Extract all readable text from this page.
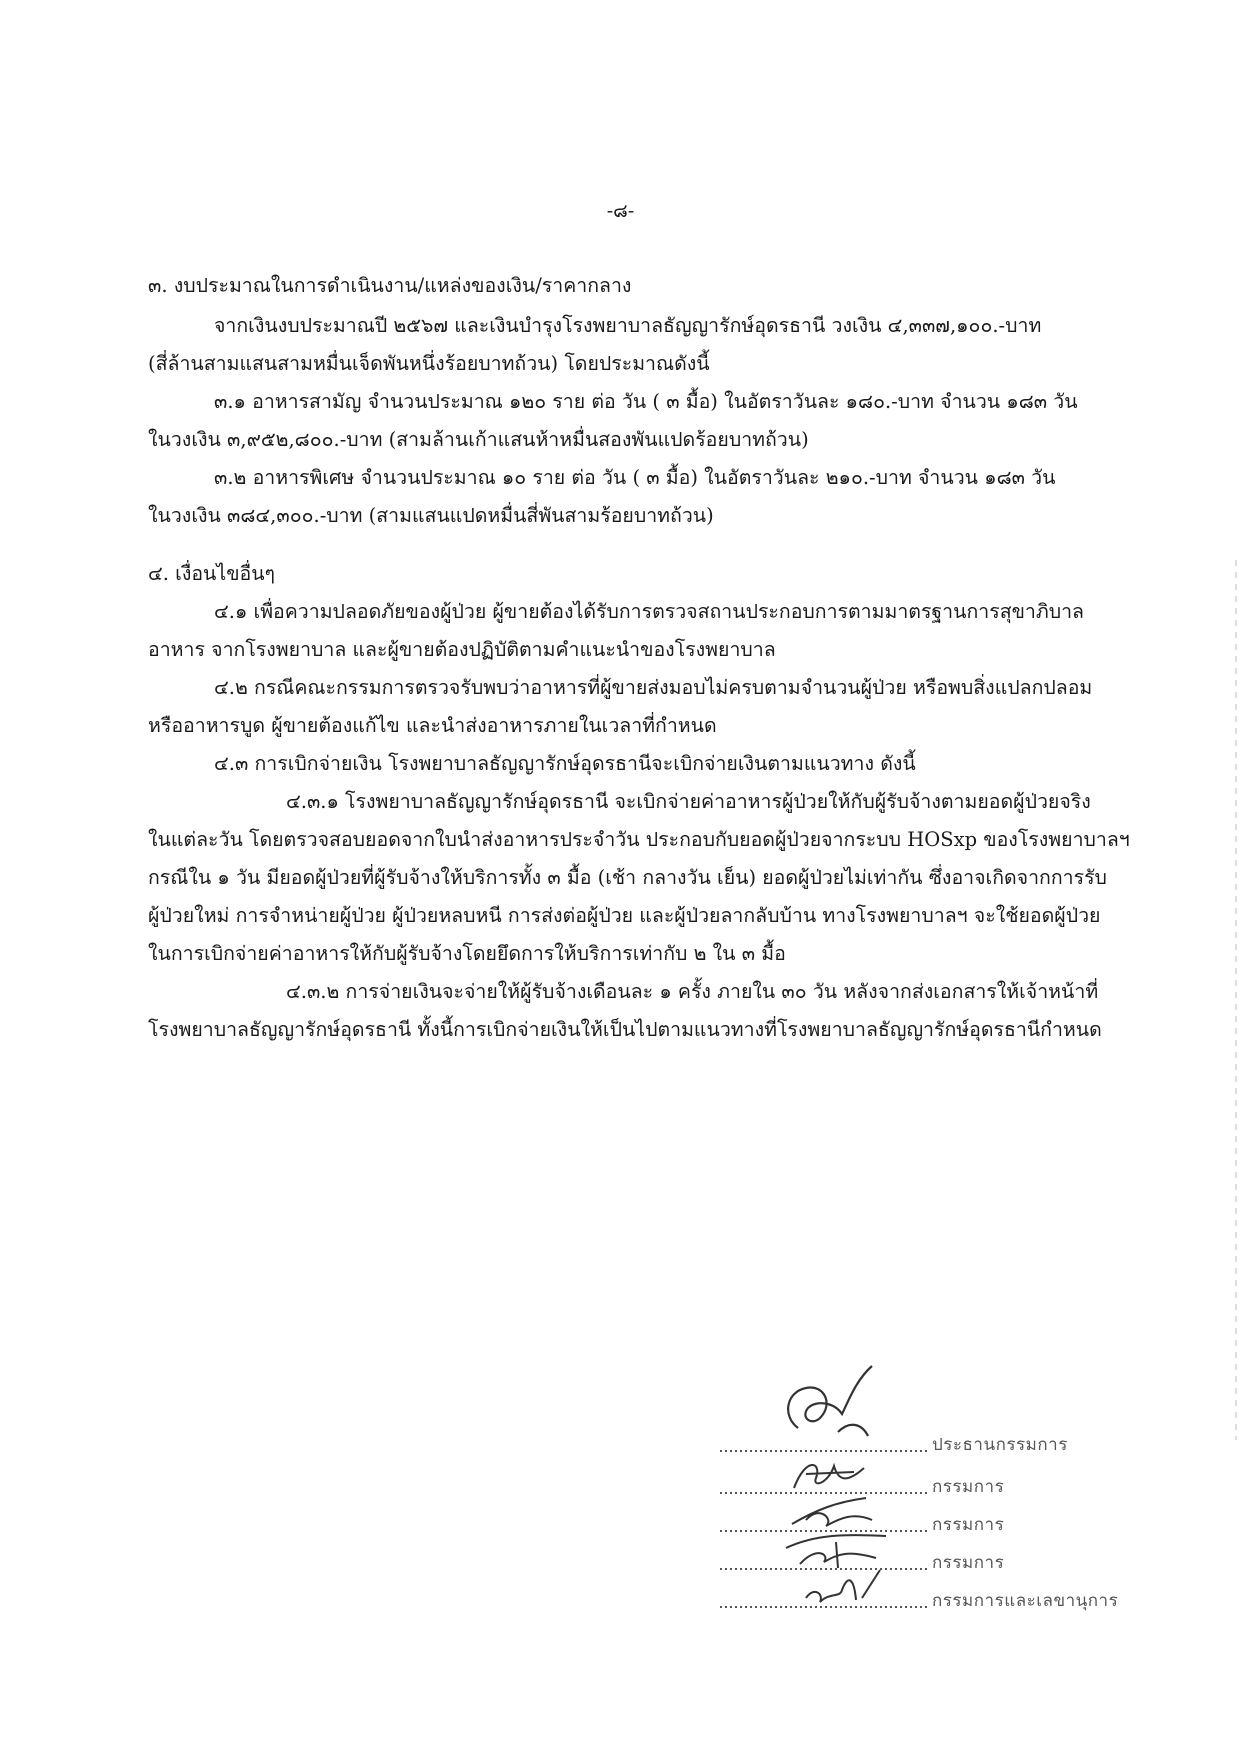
-๘-
๓. งบประมาณในการดำเนินงาน/แหล่งของเงิน/ราคากลาง
จากเงินงบประมาณปี ๒๕๖๗ และเงินบำรุงโรงพยาบาลธัญญารักษ์อุดรธานี วงเงิน ๔,๓๓๗,๑๐๐.-บาท
(สี่ล้านสามแสนสามหมื่นเจ็ดพันหนึ่งร้อยบาทถ้วน) โดยประมาณดังนี้
๓.๑ อาหารสามัญ จำนวนประมาณ ๑๒๐ ราย ต่อ วัน ( ๓ มื้อ) ในอัตราวันละ ๑๘๐.-บาท จำนวน ๑๘๓ วัน
ในวงเงิน ๓,๙๕๒,๘๐๐.-บาท (สามล้านเก้าแสนห้าหมื่นสองพันแปดร้อยบาทถ้วน)
๓.๒ อาหารพิเศษ จำนวนประมาณ ๑๐ ราย ต่อ วัน ( ๓ มื้อ) ในอัตราวันละ ๒๑๐.-บาท จำนวน ๑๘๓ วัน
ในวงเงิน ๓๘๔,๓๐๐.-บาท (สามแสนแปดหมื่นสี่พันสามร้อยบาทถ้วน)
๔. เงื่อนไขอื่นๆ
๔.๑ เพื่อความปลอดภัยของผู้ป่วย ผู้ขายต้องได้รับการตรวจสถานประกอบการตามมาตรฐานการสุขาภิบาล
อาหาร จากโรงพยาบาล และผู้ขายต้องปฏิบัติตามคำแนะนำของโรงพยาบาล
๔.๒ กรณีคณะกรรมการตรวจรับพบว่าอาหารที่ผู้ขายส่งมอบไม่ครบตามจำนวนผู้ป่วย หรือพบสิ่งแปลกปลอม
หรืออาหารบูด ผู้ขายต้องแก้ไข และนำส่งอาหารภายในเวลาที่กำหนด
๔.๓ การเบิกจ่ายเงิน โรงพยาบาลธัญญารักษ์อุดรธานีจะเบิกจ่ายเงินตามแนวทาง ดังนี้
๔.๓.๑ โรงพยาบาลธัญญารักษ์อุดรธานี จะเบิกจ่ายค่าอาหารผู้ป่วยให้กับผู้รับจ้างตามยอดผู้ป่วยจริง
ในแต่ละวัน โดยตรวจสอบยอดจากใบนำส่งอาหารประจำวัน ประกอบกับยอดผู้ป่วยจากระบบ HOSxp ของโรงพยาบาลฯ
กรณีใน ๑ วัน มียอดผู้ป่วยที่ผู้รับจ้างให้บริการทั้ง ๓ มื้อ (เช้า กลางวัน เย็น) ยอดผู้ป่วยไม่เท่ากัน ซึ่งอาจเกิดจากการรับ
ผู้ป่วยใหม่ การจำหน่ายผู้ป่วย ผู้ป่วยหลบหนี การส่งต่อผู้ป่วย และผู้ป่วยลากลับบ้าน ทางโรงพยาบาลฯ จะใช้ยอดผู้ป่วย
ในการเบิกจ่ายค่าอาหารให้กับผู้รับจ้างโดยยึดการให้บริการเท่ากับ ๒ ใน ๓ มื้อ
๔.๓.๒ การจ่ายเงินจะจ่ายให้ผู้รับจ้างเดือนละ ๑ ครั้ง ภายใน ๓๐ วัน หลังจากส่งเอกสารให้เจ้าหน้าที่
โรงพยาบาลธัญญารักษ์อุดรธานี ทั้งนี้การเบิกจ่ายเงินให้เป็นไปตามแนวทางที่โรงพยาบาลธัญญารักษ์อุดรธานีกำหนด
ประธานกรรมการ
กรรมการ
กรรมการ
กรรมการ
กรรมการและเลขานุการ
